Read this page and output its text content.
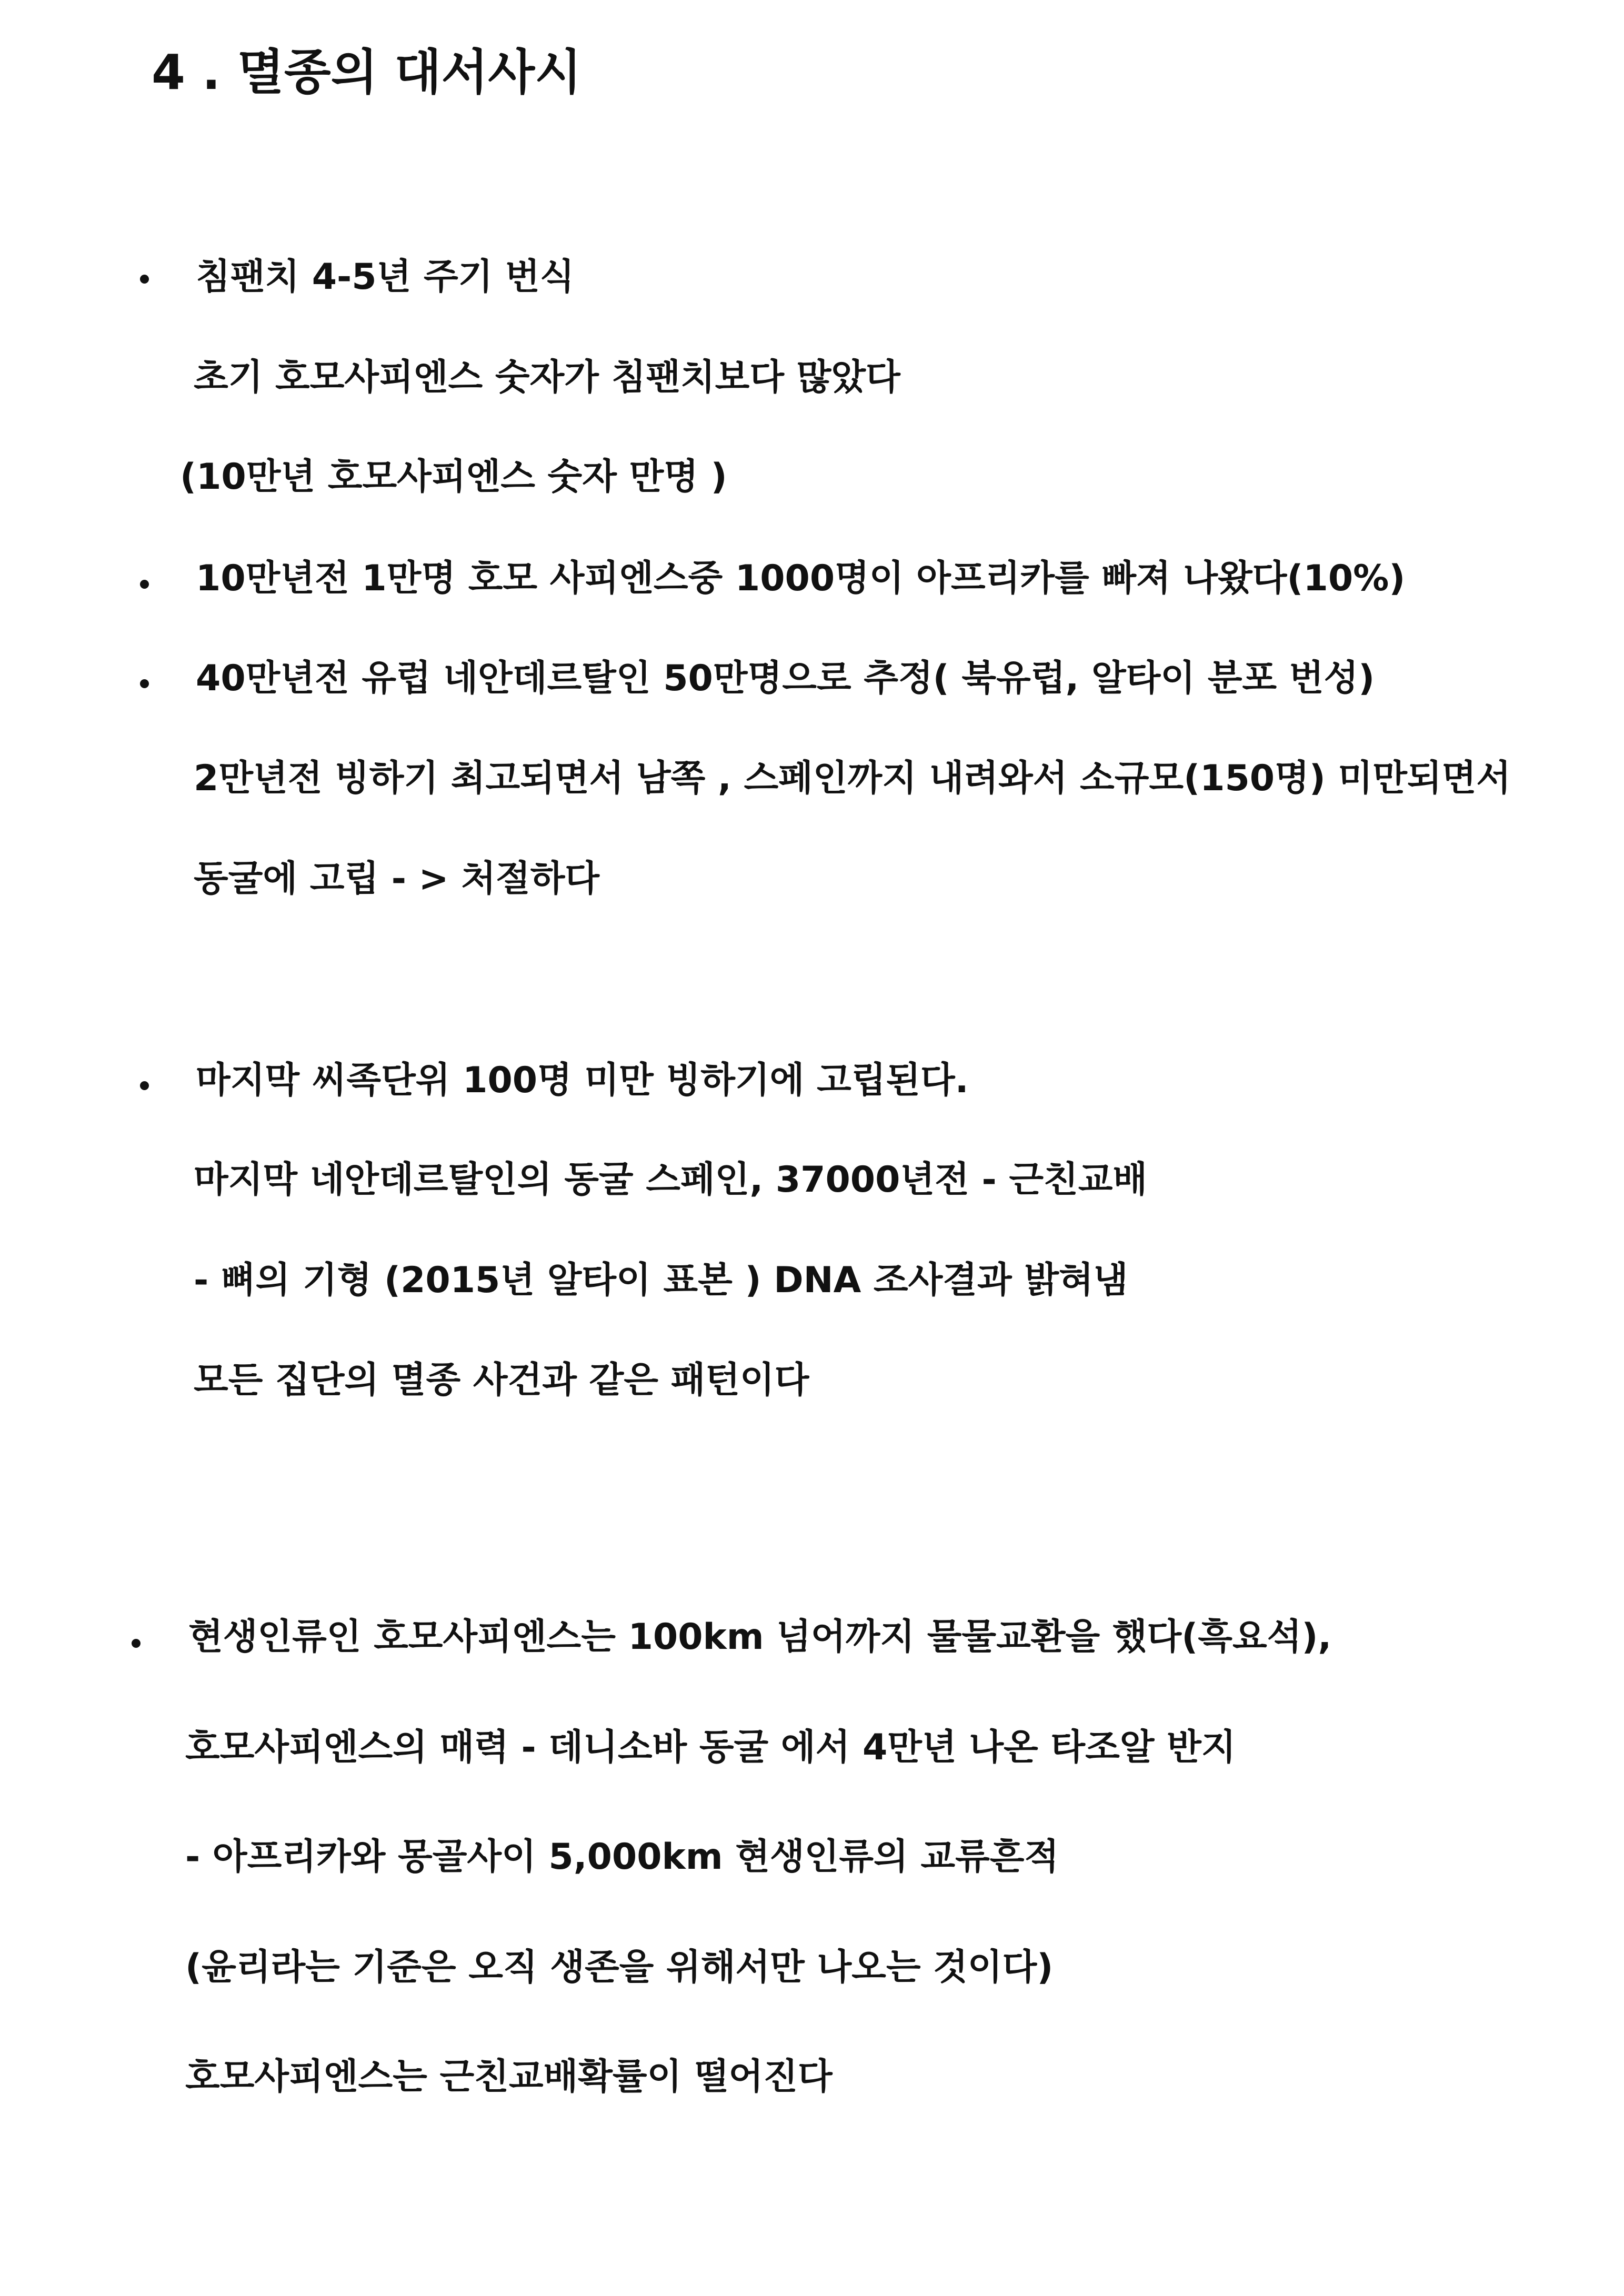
4 . 멸종의 대서사시
침팬치 4-5년 주기 번식
초기 호모사피엔스 숫자가 침팬치보다 많았다
(10만년 호모사피엔스 숫자 만명 )
10만년전 1만명 호모 사피엔스중 1000명이 아프리카를 빠져 나왔다(10%)
40만년전 유럽 네안데르탈인 50만명으로 추정( 북유럽, 알타이 분포 번성)
2만년전 빙하기 최고되면서 남쪽 , 스페인까지 내려와서 소규모(150명) 미만되면서
동굴에 고립 - > 처절하다
마지막 씨족단위 100명 미만 빙하기에 고립된다.
마지막 네안데르탈인의 동굴 스페인, 37000년전 - 근친교배
- 뼈의 기형 (2015년 알타이 표본 ) DNA 조사결과 밝혀냄
모든 집단의 멸종 사건과 같은 패턴이다
현생인류인 호모사피엔스는 100km 넘어까지 물물교환을 했다(흑요석),
호모사피엔스의 매력 - 데니소바 동굴 에서 4만년 나온 타조알 반지
- 아프리카와 몽골사이 5,000km 현생인류의 교류흔적
(윤리라는 기준은 오직 생존을 위해서만 나오는 것이다)
호모사피엔스는 근친교배확률이 떨어진다
